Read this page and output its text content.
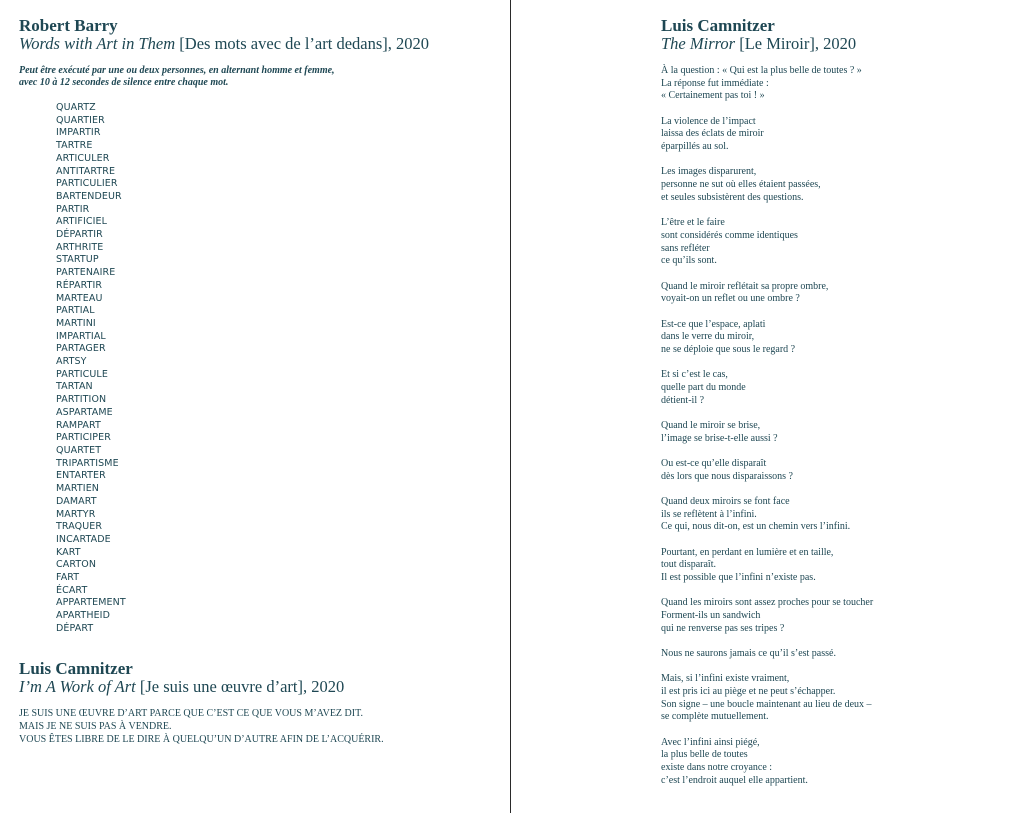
Robert Barry

Words with Art in Them [Des mots avec de l’art dedans], 2020

Peut être exécuté par une ou deux personnes, en alternant homme et femme,
avec 10 à 12 secondes de silence entre chaque mot.
QUARTZ
QUARTIER
IMPARTIR
TARTRE
ARTICULER
ANTITARTRE
PARTICULIER
BARTENDEUR
PARTIR
ARTIFICIEL
DÉPARTIR
ARTHRITE
STARTUP
PARTENAIRE
RÉPARTIR
MARTEAU
PARTIAL
MARTINI
IMPARTIAL
PARTAGER
ARTSY
PARTICULE
TARTAN
PARTITION
ASPARTAME
RAMPART
PARTICIPER
QUARTET
TRIPARTISME
ENTARTER
MARTIEN
DAMART
MARTYR
TRAQUER
INCARTADE
KART
CARTON
FART
ÉCART
APPARTEMENT
APARTHEID
DÉPART

Luis Camnitzer

I’m A Work of Art [Je suis une œuvre d’art], 2020

JE SUIS UNE ŒUVRE D’ART PARCE QUE C’EST CE QUE VOUS M’AVEZ DIT.
MAIS JE NE SUIS PAS À VENDRE.
VOUS ÊTES LIBRE DE LE DIRE À QUELQU’UN D’AUTRE AFIN DE L’ACQUÉRIR.

Luis Camnitzer

The Mirror [Le Miroir], 2020

À la question : « Qui est la plus belle de toutes ? »
La réponse fut immédiate :
« Certainement pas toi ! »
La violence de l’impact
laissa des éclats de miroir
éparpillés au sol.
Les images disparurent,
personne ne sut où elles étaient passées,
et seules subsistèrent des questions.
L’être et le faire
sont considérés comme identiques
sans refléter
ce qu’ils sont.
Quand le miroir reflétait sa propre ombre,
voyait-on un reflet ou une ombre ?
Est-ce que l’espace, aplati
dans le verre du miroir,
ne se déploie que sous le regard ?
Et si c’est le cas,
quelle part du monde
détient-il ?
Quand le miroir se brise,
l’image se brise-t-elle aussi ?
Ou est-ce qu’elle disparaît
dès lors que nous disparaissons ?
Quand deux miroirs se font face
ils se reflètent à l’infini.
Ce qui, nous dit-on, est un chemin vers l’infini.
Pourtant, en perdant en lumière et en taille,
tout disparaît.
Il est possible que l’infini n’existe pas.
Quand les miroirs sont assez proches pour se toucher
Forment-ils un sandwich
qui ne renverse pas ses tripes ?
Nous ne saurons jamais ce qu’il s’est passé.
Mais, si l’infini existe vraiment,
il est pris ici au piège et ne peut s’échapper.
Son signe – une boucle maintenant au lieu de deux –
se complète mutuellement.
Avec l’infini ainsi piégé,
la plus belle de toutes
existe dans notre croyance :
c’est l’endroit auquel elle appartient.
